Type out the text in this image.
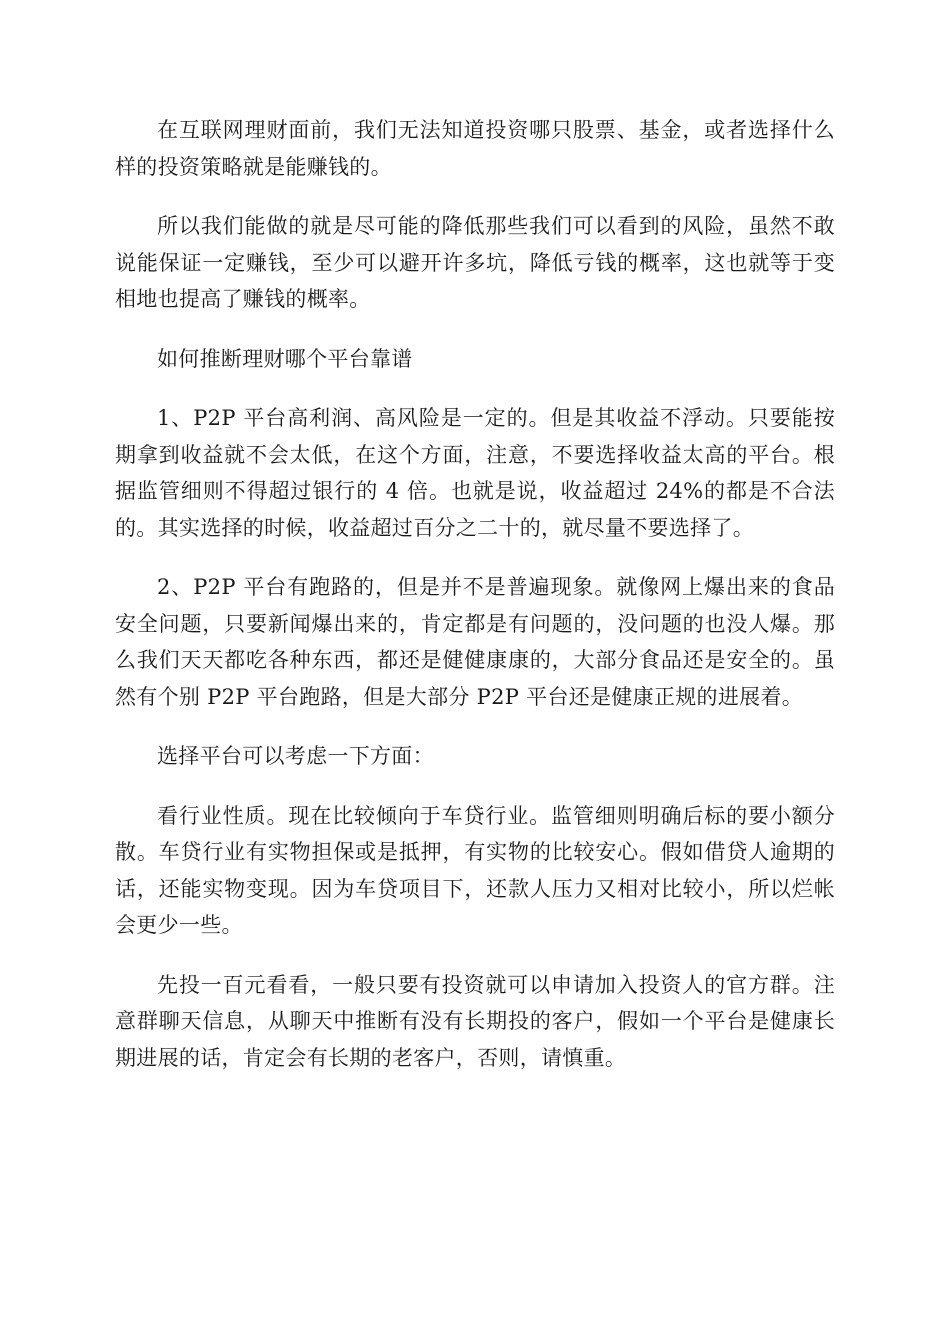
在互联网理财面前，我们无法知道投资哪只股票、基金，或者选择什么样的投资策略就是能赚钱的。

所以我们能做的就是尽可能的降低那些我们可以看到的风险，虽然不敢说能保证一定赚钱，至少可以避开许多坑，降低亏钱的概率，这也就等于变相地也提高了赚钱的概率。

如何推断理财哪个平台靠谱

1、P2P 平台高利润、高风险是一定的。但是其收益不浮动。只要能按期拿到收益就不会太低，在这个方面，注意，不要选择收益太高的平台。根据监管细则不得超过银行的 4 倍。也就是说，收益超过 24%的都是不合法的。其实选择的时候，收益超过百分之二十的，就尽量不要选择了。

2、P2P 平台有跑路的，但是并不是普遍现象。就像网上爆出来的食品安全问题，只要新闻爆出来的，肯定都是有问题的，没问题的也没人爆。那么我们天天都吃各种东西，都还是健健康康的，大部分食品还是安全的。虽然有个别 P2P 平台跑路，但是大部分 P2P 平台还是健康正规的进展着。

选择平台可以考虑一下方面：

看行业性质。现在比较倾向于车贷行业。监管细则明确后标的要小额分散。车贷行业有实物担保或是抵押，有实物的比较安心。假如借贷人逾期的话，还能实物变现。因为车贷项目下，还款人压力又相对比较小，所以烂帐会更少一些。

先投一百元看看，一般只要有投资就可以申请加入投资人的官方群。注意群聊天信息，从聊天中推断有没有长期投的客户，假如一个平台是健康长期进展的话，肯定会有长期的老客户，否则，请慎重。
